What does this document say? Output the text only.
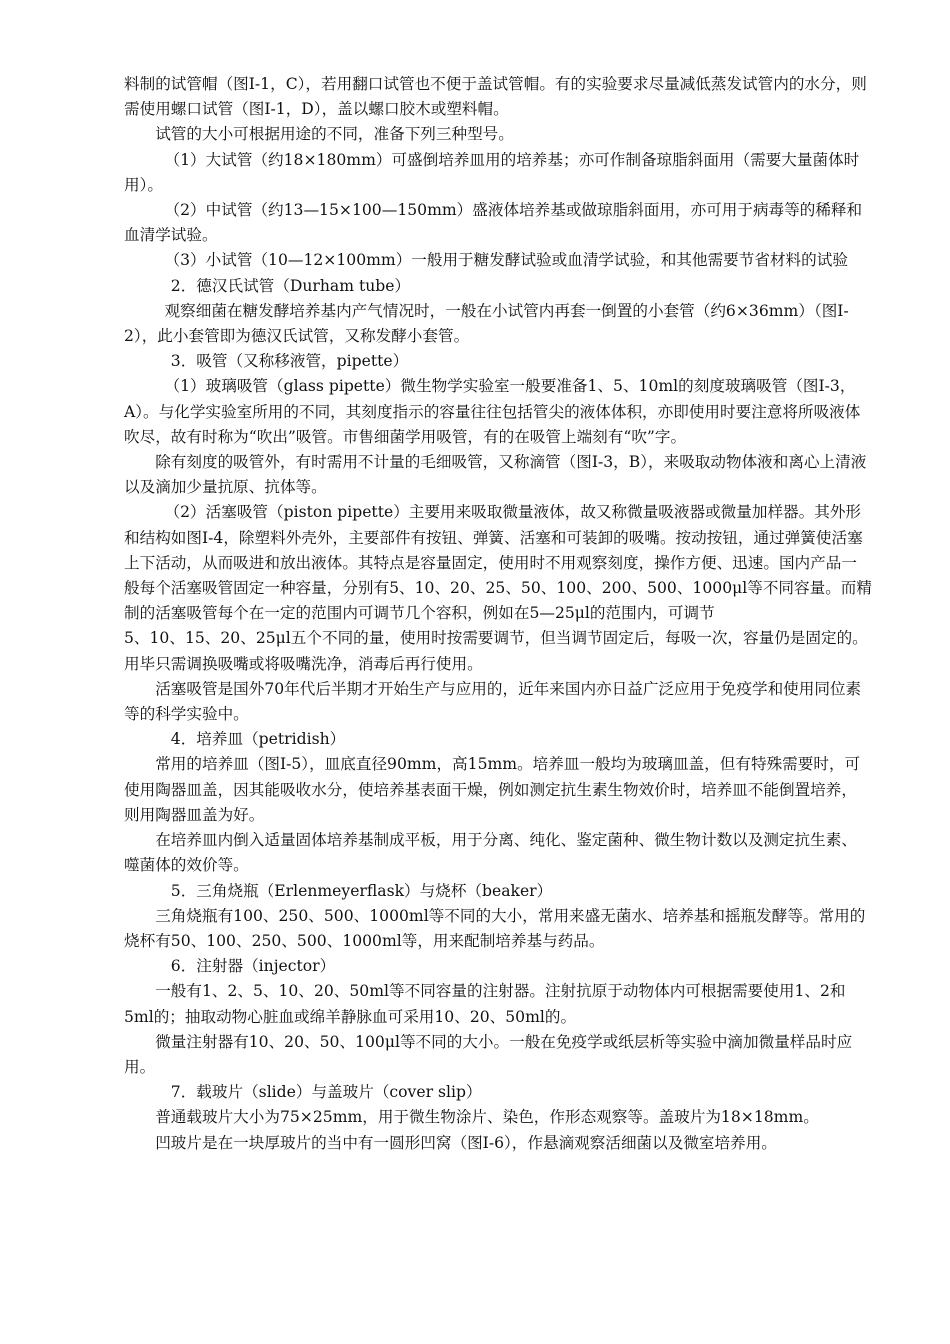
料制的试管帽（图Ⅰ-1，C），若用翻口试管也不便于盖试管帽。有的实验要求尽量减低蒸发试管内的水分，则需使用螺口试管（图Ⅰ-1，D），盖以螺口胶木或塑料帽。

试管的大小可根据用途的不同，准备下列三种型号。

（1）大试管（约18×180mm）可盛倒培养皿用的培养基；亦可作制备琼脂斜面用（需要大量菌体时用）。

（2）中试管（约13—15×100—150mm）盛液体培养基或做琼脂斜面用，亦可用于病毒等的稀释和血清学试验。

（3）小试管（10—12×100mm）一般用于糖发酵试验或血清学试验，和其他需要节省材料的试验

2．德汉氏试管（Durham tube）

观察细菌在糖发酵培养基内产气情况时，一般在小试管内再套一倒置的小套管（约6×36mm）（图I-2），此小套管即为德汉氏试管，又称发酵小套管。

3．吸管（又称移液管，pipette）

（1）玻璃吸管（glass pipette）微生物学实验室一般要准备1、5、10ml的刻度玻璃吸管（图I-3，A）。与化学实验室所用的不同，其刻度指示的容量往往包括管尖的液体体积，亦即使用时要注意将所吸液体吹尽，故有时称为“吹出”吸管。市售细菌学用吸管，有的在吸管上端刻有“吹”字。

除有刻度的吸管外，有时需用不计量的毛细吸管，又称滴管（图Ⅰ-3，B），来吸取动物体液和离心上清液以及滴加少量抗原、抗体等。

（2）活塞吸管（piston pipette）主要用来吸取微量液体，故又称微量吸液器或微量加样器。其外形和结构如图Ⅰ-4，除塑料外壳外，主要部件有按钮、弹簧、活塞和可装卸的吸嘴。按动按钮，通过弹簧使活塞上下活动，从而吸进和放出液体。其特点是容量固定，使用时不用观察刻度，操作方便、迅速。国内产品一般每个活塞吸管固定一种容量，分别有5、10、20、25、50、100、200、500、1000μl等不同容量。而精制的活塞吸管每个在一定的范围内可调节几个容积，例如在5—25μl的范围内，可调节

5、10、15、20、25μl五个不同的量，使用时按需要调节，但当调节固定后，每吸一次，容量仍是固定的。用毕只需调换吸嘴或将吸嘴洗净，消毒后再行使用。

活塞吸管是国外70年代后半期才开始生产与应用的，近年来国内亦日益广泛应用于免疫学和使用同位素等的科学实验中。

4．培养皿（petridish）

常用的培养皿（图Ⅰ-5），皿底直径90mm，高15mm。培养皿一般均为玻璃皿盖，但有特殊需要时，可使用陶器皿盖，因其能吸收水分，使培养基表面干燥，例如测定抗生素生物效价时，培养皿不能倒置培养，则用陶器皿盖为好。

在培养皿内倒入适量固体培养基制成平板，用于分离、纯化、鉴定菌种、微生物计数以及测定抗生素、噬菌体的效价等。

5．三角烧瓶（Erlenmeyerflask）与烧杯（beaker）

三角烧瓶有100、250、500、1000ml等不同的大小，常用来盛无菌水、培养基和摇瓶发酵等。常用的烧杯有50、100、250、500、1000ml等，用来配制培养基与药品。

6．注射器（injector）

一般有1、2、5、10、20、50ml等不同容量的注射器。注射抗原于动物体内可根据需要使用1、2和5ml的；抽取动物心脏血或绵羊静脉血可采用10、20、50ml的。

微量注射器有10、20、50、100μl等不同的大小。一般在免疫学或纸层析等实验中滴加微量样品时应用。

7．载玻片（slide）与盖玻片（cover slip）

普通载玻片大小为75×25mm，用于微生物涂片、染色，作形态观察等。盖玻片为18×18mm。

凹玻片是在一块厚玻片的当中有一圆形凹窝（图Ⅰ-6），作悬滴观察活细菌以及微室培养用。
